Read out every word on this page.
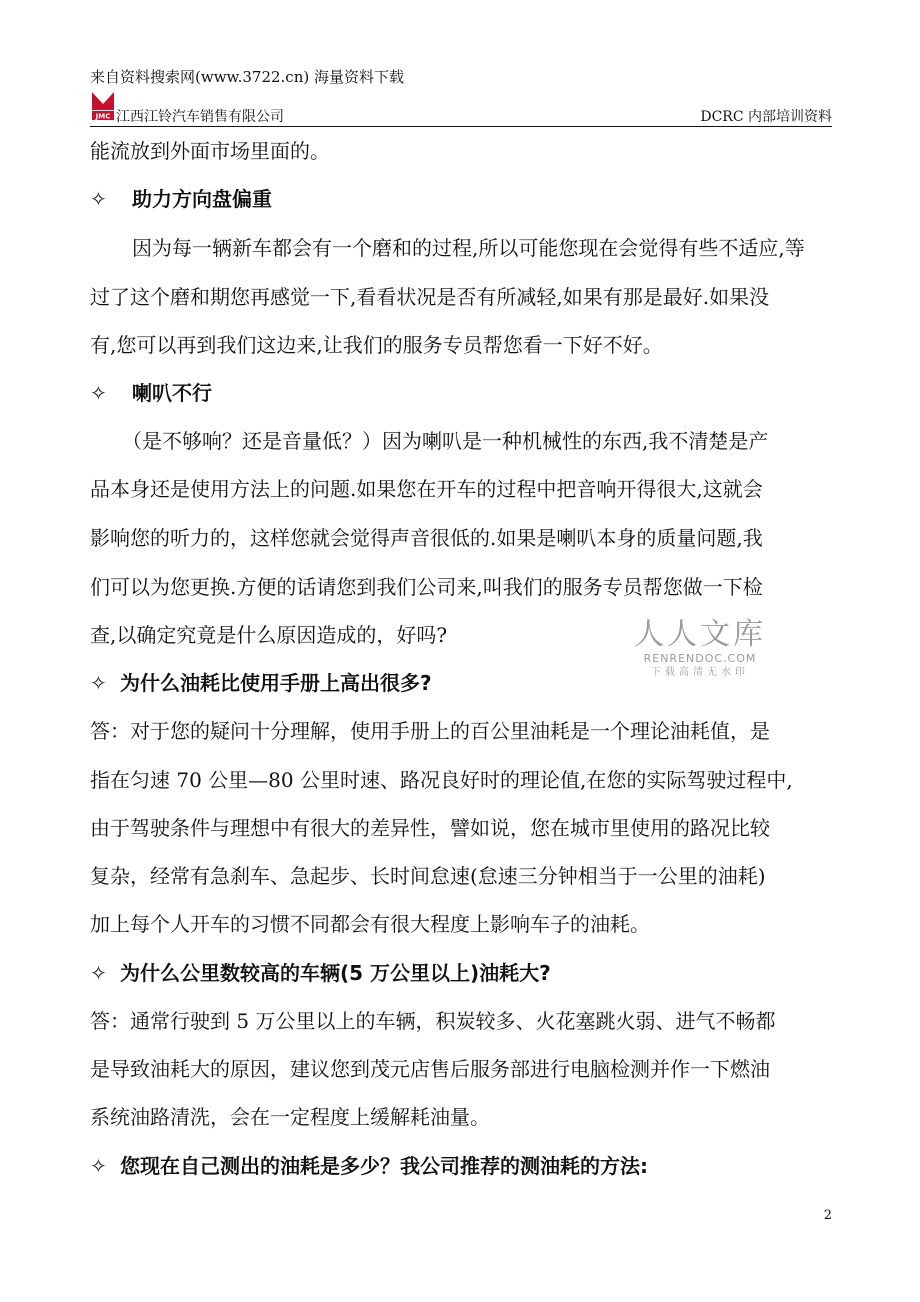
来自资料搜索网(www.3722.cn) 海量资料下载
JMC 江西江铃汽车销售有限公司	DCRC 内部培训资料
能流放到外面市场里面的。
✧ 助力方向盘偏重
因为每一辆新车都会有一个磨和的过程,所以可能您现在会觉得有些不适应,等
过了这个磨和期您再感觉一下,看看状况是否有所减轻,如果有那是最好.如果没
有,您可以再到我们这边来,让我们的服务专员帮您看一下好不好。
✧ 喇叭不行
（是不够响？还是音量低？）因为喇叭是一种机械性的东西,我不清楚是产
品本身还是使用方法上的问题.如果您在开车的过程中把音响开得很大,这就会
影响您的听力的，这样您就会觉得声音很低的.如果是喇叭本身的质量问题,我
们可以为您更换.方便的话请您到我们公司来,叫我们的服务专员帮您做一下检
查,以确定究竟是什么原因造成的，好吗?	人人文库
RENRENDOC.COM
下载高清无水印
✧ 为什么油耗比使用手册上高出很多?
答：对于您的疑问十分理解，使用手册上的百公里油耗是一个理论油耗值，是
指在匀速 70 公里—80 公里时速、路况良好时的理论值,在您的实际驾驶过程中,
由于驾驶条件与理想中有很大的差异性，譬如说，您在城市里使用的路况比较
复杂，经常有急刹车、急起步、长时间怠速(怠速三分钟相当于一公里的油耗)
加上每个人开车的习惯不同都会有很大程度上影响车子的油耗。
✧ 为什么公里数较高的车辆(5 万公里以上)油耗大?
答：通常行驶到 5 万公里以上的车辆，积炭较多、火花塞跳火弱、进气不畅都
是导致油耗大的原因，建议您到茂元店售后服务部进行电脑检测并作一下燃油
系统油路清洗，会在一定程度上缓解耗油量。
✧ 您现在自己测出的油耗是多少？我公司推荐的测油耗的方法:
2
